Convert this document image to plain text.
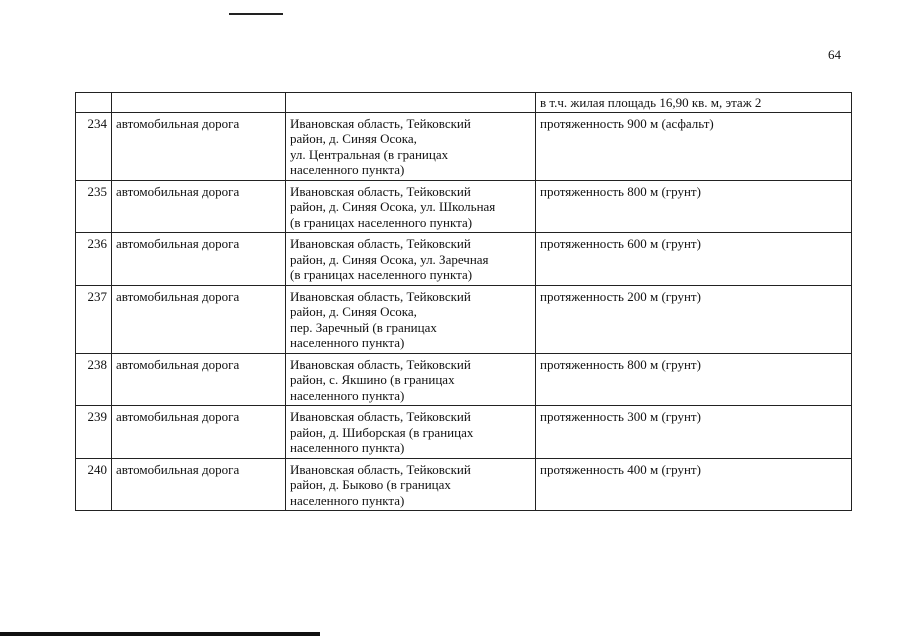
64
			в т.ч. жилая площадь 16,90 кв. м, этаж 2
234	автомобильная дорога	Ивановская область, Тейковский
район, д. Синяя Осока,
ул. Центральная (в границах
населенного пункта)	протяженность 900 м (асфальт)
235	автомобильная дорога	Ивановская область, Тейковский
район, д. Синяя Осока, ул. Школьная
(в границах населенного пункта)	протяженность 800 м (грунт)
236	автомобильная дорога	Ивановская область, Тейковский
район, д. Синяя Осока, ул. Заречная
(в границах населенного пункта)	протяженность 600 м (грунт)
237	автомобильная дорога	Ивановская область, Тейковский
район, д. Синяя Осока,
пер. Заречный (в границах
населенного пункта)	протяженность 200 м (грунт)
238	автомобильная дорога	Ивановская область, Тейковский
район, с. Якшино (в границах
населенного пункта)	протяженность 800 м (грунт)
239	автомобильная дорога	Ивановская область, Тейковский
район, д. Шиборская (в границах
населенного пункта)	протяженность 300 м (грунт)
240	автомобильная дорога	Ивановская область, Тейковский
район, д. Быково (в границах
населенного пункта)	протяженность 400 м (грунт)
